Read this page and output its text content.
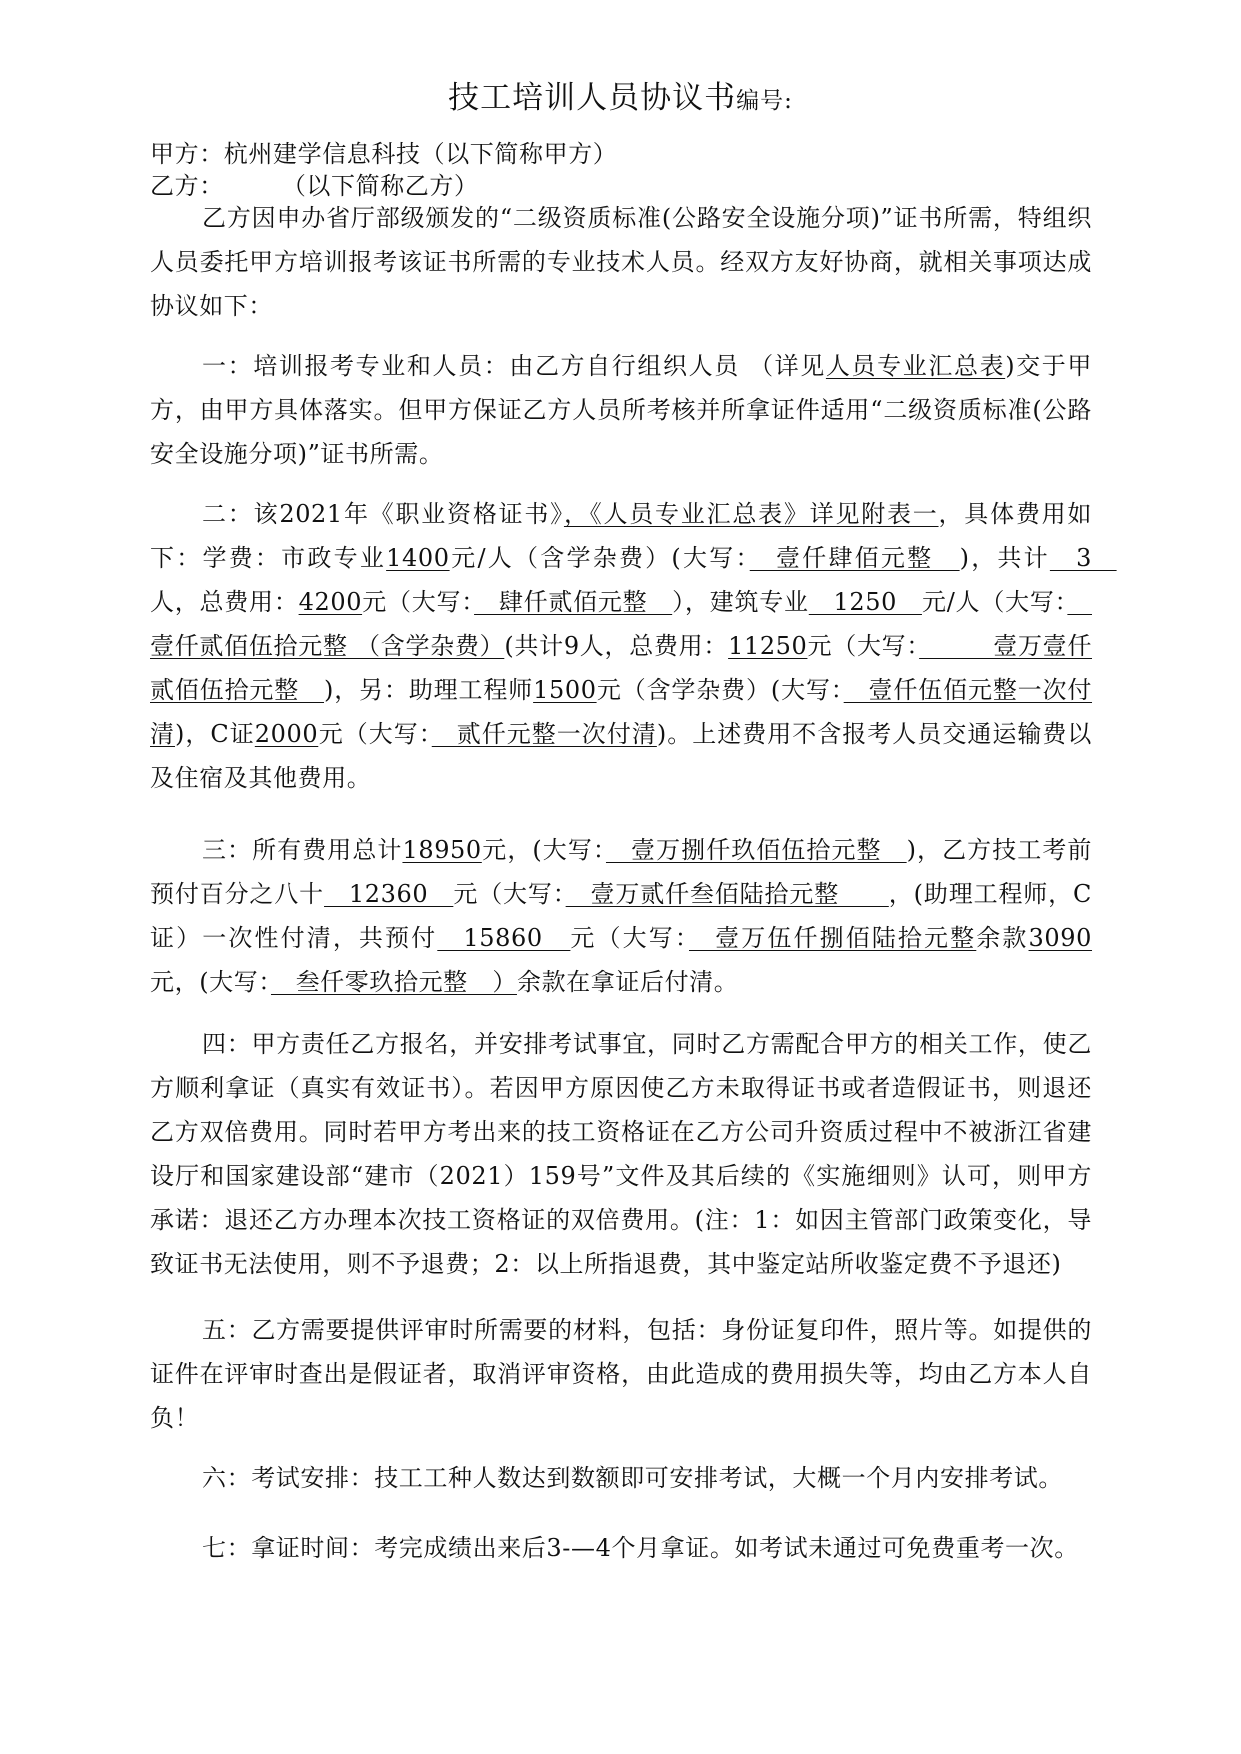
技工培训人员协议书编号:
甲方：杭州建学信息科技（以下简称甲方）
乙方： （以下简称乙方）
乙方因申办省厅部级颁发的“二级资质标准(公路安全设施分项)”证书所需，特组织人员委托甲方培训报考该证书所需的专业技术人员。经双方友好协商，就相关事项达成协议如下：
一：培训报考专业和人员：由乙方自行组织人员 （详见人员专业汇总表)交于甲方，由甲方具体落实。但甲方保证乙方人员所考核并所拿证件适用“二级资质标准(公路安全设施分项)”证书所需。
二：该2021年《职业资格证书》，《人员专业汇总表》详见附表一，具体费用如下：学费：市政专业1400元/人（含学杂费）(大写：　壹仟肆佰元整　)，共计　3　人，总费用：4200元（大写：　肆仟贰佰元整　），建筑专业　1250　元/人（大写：　壹仟贰佰伍拾元整 （含学杂费）(共计9人，总费用：11250元（大写：　　　壹万壹仟贰佰伍拾元整　)，另：助理工程师1500元（含学杂费）(大写：　壹仟伍佰元整一次付清)，C证2000元（大写：　贰仟元整一次付清)。上述费用不含报考人员交通运输费以及住宿及其他费用。
三：所有费用总计18950元，(大写：　壹万捌仟玖佰伍拾元整　)，乙方技工考前预付百分之八十　12360　元（大写：　壹万贰仟叁佰陆拾元整　　，(助理工程师，C证）一次性付清，共预付　15860　元（大写：　壹万伍仟捌佰陆拾元整余款3090元，(大写：　叁仟零玖拾元整　）余款在拿证后付清。
四：甲方责任乙方报名，并安排考试事宜，同时乙方需配合甲方的相关工作，使乙方顺利拿证（真实有效证书）。若因甲方原因使乙方未取得证书或者造假证书，则退还乙方双倍费用。同时若甲方考出来的技工资格证在乙方公司升资质过程中不被浙江省建设厅和国家建设部“建市（2021）159号”文件及其后续的《实施细则》认可，则甲方承诺：退还乙方办理本次技工资格证的双倍费用。(注：1：如因主管部门政策变化，导致证书无法使用，则不予退费；2：以上所指退费，其中鉴定站所收鉴定费不予退还)
五：乙方需要提供评审时所需要的材料，包括：身份证复印件，照片等。如提供的证件在评审时查出是假证者，取消评审资格，由此造成的费用损失等，均由乙方本人自负！
六：考试安排：技工工种人数达到数额即可安排考试，大概一个月内安排考试。
七：拿证时间：考完成绩出来后3-—4个月拿证。如考试未通过可免费重考一次。
